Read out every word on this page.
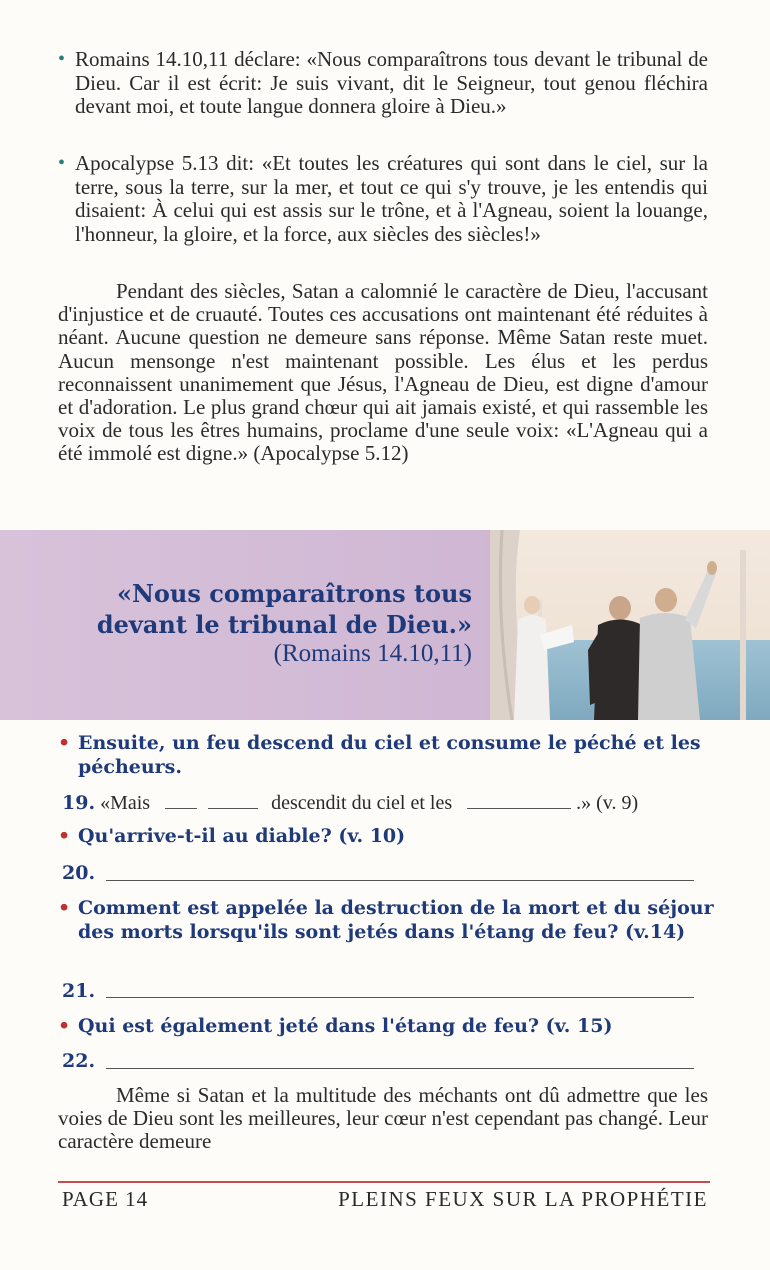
• Romains 14.10,11 déclare: «Nous comparaîtrons tous devant le tribunal de Dieu. Car il est écrit: Je suis vivant, dit le Seigneur, tout genou fléchira devant moi, et toute langue donnera gloire à Dieu.»
• Apocalypse 5.13 dit: «Et toutes les créatures qui sont dans le ciel, sur la terre, sous la terre, sur la mer, et tout ce qui s'y trouve, je les entendis qui disaient: À celui qui est assis sur le trône, et à l'Agneau, soient la louange, l'honneur, la gloire, et la force, aux siècles des siècles!»

Pendant des siècles, Satan a calomnié le caractère de Dieu, l'accusant d'injustice et de cruauté. Toutes ces accusations ont maintenant été réduites à néant. Aucune question ne demeure sans réponse. Même Satan reste muet. Aucun mensonge n'est maintenant possible. Les élus et les perdus reconnaissent unanimement que Jésus, l'Agneau de Dieu, est digne d'amour et d'adoration. Le plus grand chœur qui ait jamais existé, et qui rassemble les voix de tous les êtres humains, proclame d'une seule voix: «L'Agneau qui a été immolé est digne.» (Apocalypse 5.12)

«Nous comparaîtrons tous
devant le tribunal de Dieu.»
(Romains 14.10,11)
• Ensuite, un feu descend du ciel et consume le péché et les pécheurs.
19. «Mais	descendit du ciel et les	.» (v. 9)
• Qu'arrive-t-il au diable? (v. 10)
20.
• Comment est appelée la destruction de la mort et du séjour des morts lorsqu'ils sont jetés dans l'étang de feu? (v.14)
21.
• Qui est également jeté dans l'étang de feu? (v. 15)
22.

Même si Satan et la multitude des méchants ont dû admettre que les voies de Dieu sont les meilleures, leur cœur n'est cependant pas changé. Leur caractère demeure

PAGE 14	PLEINS FEUX SUR LA PROPHÉTIE
